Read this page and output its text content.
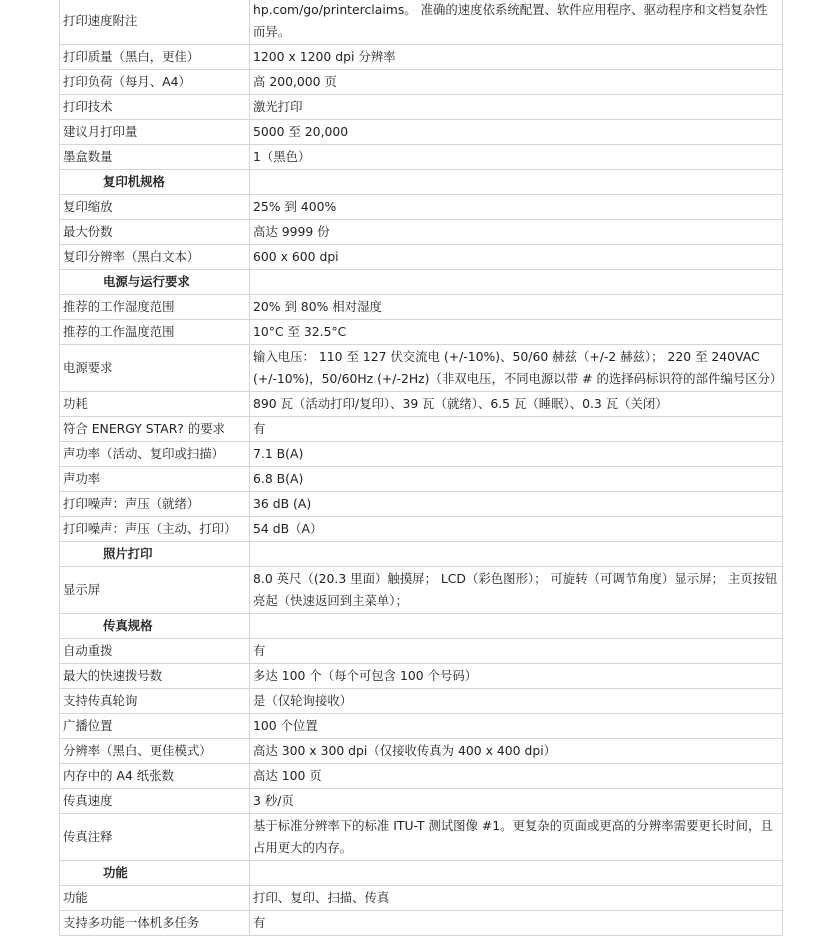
打印速度附注	hp.com/go/printerclaims。 准确的速度依系统配置、软件应用程序、驱动程序和文档复杂性而异。
打印质量（黑白，更佳）	1200 x 1200 dpi 分辨率
打印负荷（每月、A4）	高 200,000 页
打印技术	激光打印
建议月打印量	5000 至 20,000
墨盒数量	1（黑色）
复印机规格	
复印缩放	25% 到 400%
最大份数	高达 9999 份
复印分辨率（黑白文本）	600 x 600 dpi
电源与运行要求	
推荐的工作湿度范围	20% 到 80% 相对湿度
推荐的工作温度范围	10°C 至 32.5°C
电源要求	输入电压： 110 至 127 伏交流电 (+/-10%)、50/60 赫兹（+/-2 赫兹）； 220 至 240VAC (+/-10%)，50/60Hz (+/-2Hz)（非双电压，不同电源以带 # 的选择码标识符的部件编号区分）
功耗	890 瓦（活动打印/复印）、39 瓦（就绪）、6.5 瓦（睡眠）、0.3 瓦（关闭）
符合 ENERGY STAR? 的要求	有
声功率（活动、复印或扫描）	7.1 B(A)
声功率	6.8 B(A)
打印噪声：声压（就绪）	36 dB (A)
打印噪声：声压（主动、打印）	54 dB（A）
照片打印	
显示屏	8.0 英尺（(20.3 里面）触摸屏； LCD（彩色图形）； 可旋转（可调节角度）显示屏； 主页按钮亮起（快速返回到主菜单）；
传真规格	
自动重拨	有
最大的快速拨号数	多达 100 个（每个可包含 100 个号码）
支持传真轮询	是（仅轮询接收）
广播位置	100 个位置
分辨率（黑白、更佳模式）	高达 300 x 300 dpi（仅接收传真为 400 x 400 dpi）
内存中的 A4 纸张数	高达 100 页
传真速度	3 秒/页
传真注释	基于标准分辨率下的标准 ITU-T 测试图像 #1。更复杂的页面或更高的分辨率需要更长时间，且占用更大的内存。
功能	
功能	打印、复印、扫描、传真
支持多功能一体机多任务	有
